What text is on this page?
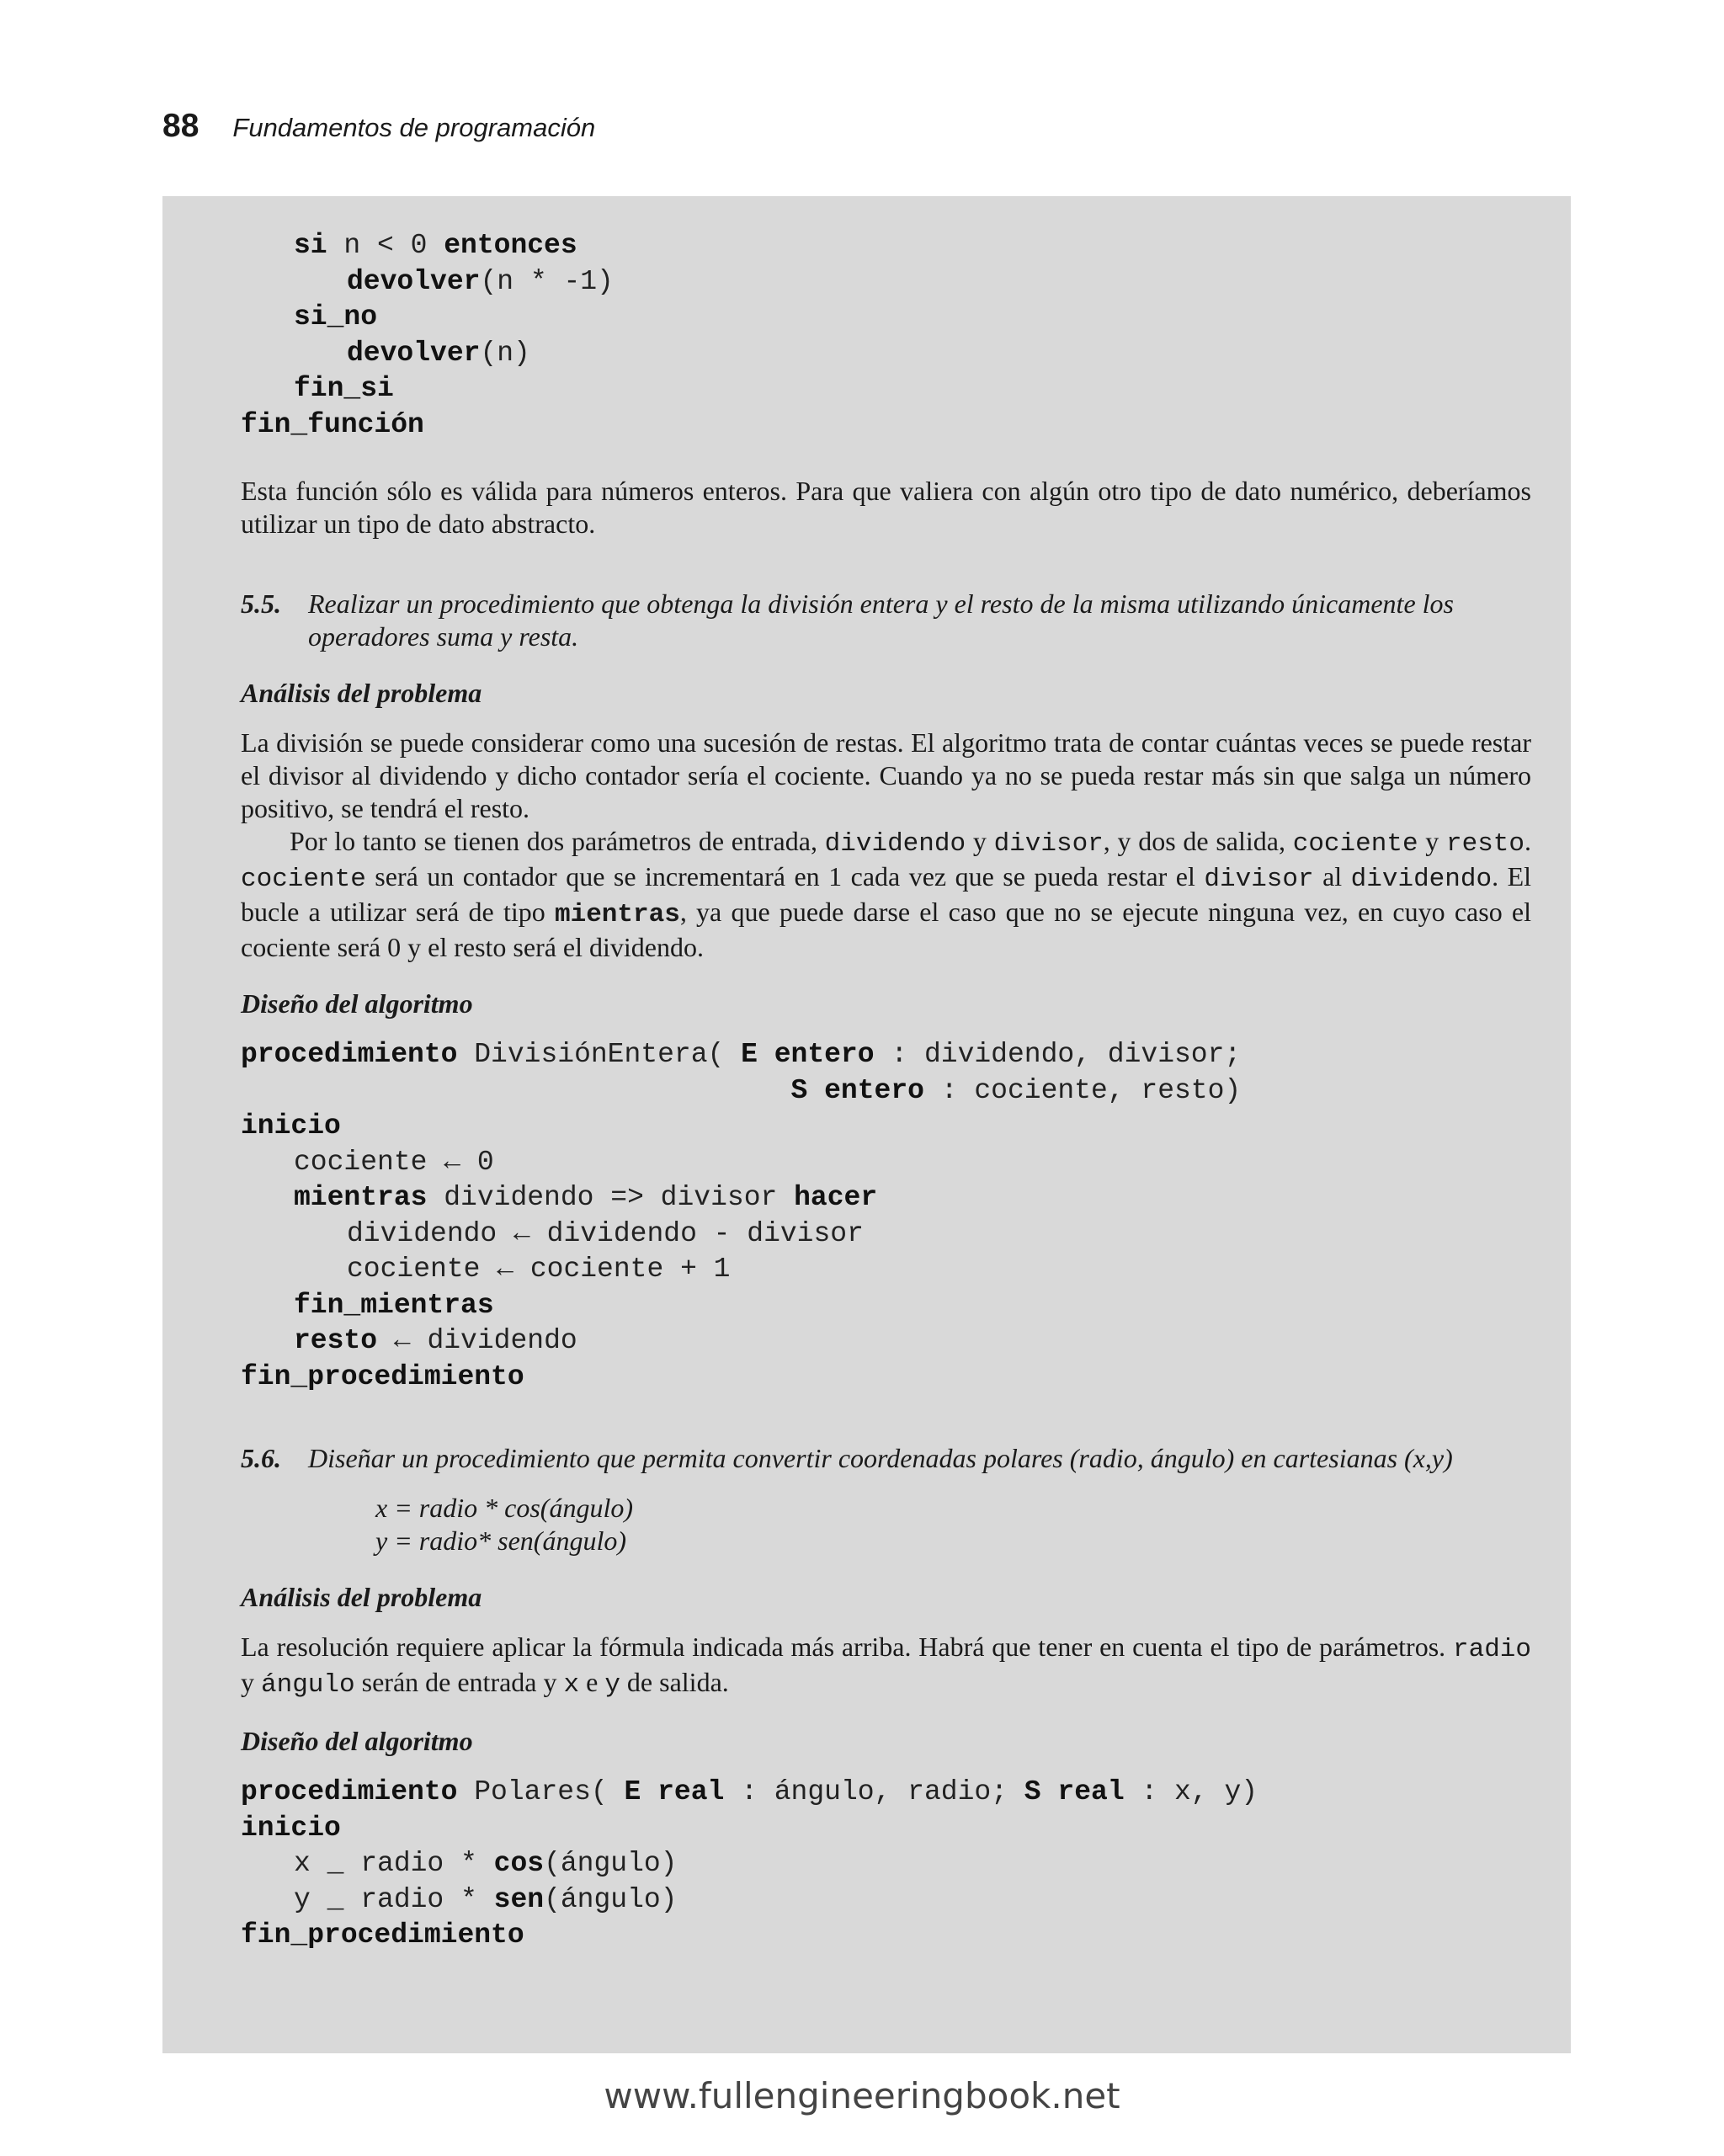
88 Fundamentos de programación
si n < 0 entonces
devolver(n * -1)
si_no
devolver(n)
fin_si
fin_función

Esta función sólo es válida para números enteros. Para que valiera con algún otro tipo de dato numérico, deberíamos utilizar un tipo de dato abstracto.

5.5.	Realizar un procedimiento que obtenga la división entera y el resto de la misma utilizando únicamente los operadores suma y resta.
Análisis del problema

La división se puede considerar como una sucesión de restas. El algoritmo trata de contar cuántas veces se puede restar el divisor al dividendo y dicho contador sería el cociente. Cuando ya no se pueda restar más sin que salga un número positivo, se tendrá el resto.

Por lo tanto se tienen dos parámetros de entrada, dividendo y divisor, y dos de salida, cociente y resto. cociente será un contador que se incrementará en 1 cada vez que se pueda restar el divisor al dividendo. El bucle a utilizar será de tipo mientras, ya que puede darse el caso que no se ejecute ninguna vez, en cuyo caso el cociente será 0 y el resto será el dividendo.

Diseño del algoritmo
procedimiento DivisiónEntera( E entero : dividendo, divisor;
S entero : cociente, resto)
inicio
cociente ← 0
mientras dividendo => divisor hacer
dividendo ← dividendo - divisor
cociente ← cociente + 1
fin_mientras
resto ← dividendo
fin_procedimiento
5.6.	Diseñar un procedimiento que permita convertir coordenadas polares (radio, ángulo) en cartesianas (x,y)
x = radio * cos(ángulo)
y = radio* sen(ángulo)
Análisis del problema

La resolución requiere aplicar la fórmula indicada más arriba. Habrá que tener en cuenta el tipo de parámetros. radio y ángulo serán de entrada y x e y de salida.

Diseño del algoritmo
procedimiento Polares( E real : ángulo, radio; S real : x, y)
inicio
x _ radio * cos(ángulo)
y _ radio * sen(ángulo)
fin_procedimiento
www.fullengineeringbook.net
